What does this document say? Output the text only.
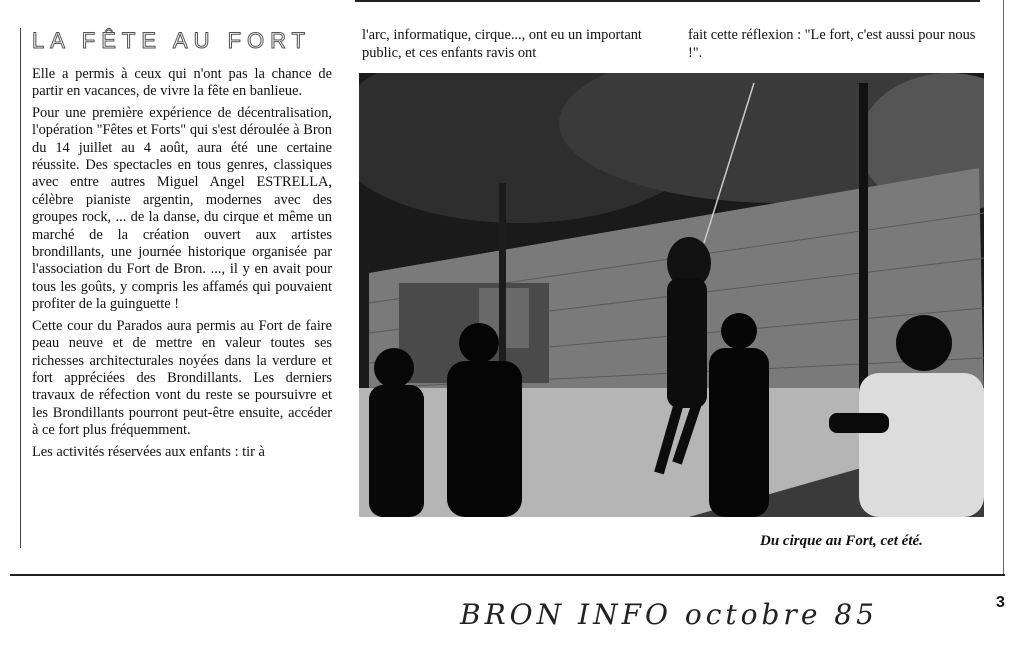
LA FÊTE AU FORT

Elle a permis à ceux qui n'ont pas la chance de partir en vacances, de vivre la fête en banlieue.

Pour une première expérience de décentralisation, l'opération "Fêtes et Forts" qui s'est déroulée à Bron du 14 juillet au 4 août, aura été une certaine réussite. Des spectacles en tous genres, classiques avec entre autres Miguel Angel ESTRELLA, célèbre pianiste argentin, modernes avec des groupes rock, ... de la danse, du cirque et même un marché de la création ouvert aux artistes brondillants, une journée historique organisée par l'association du Fort de Bron. ..., il y en avait pour tous les goûts, y compris les affamés qui pouvaient profiter de la guinguette !

Cette cour du Parados aura permis au Fort de faire peau neuve et de mettre en valeur toutes ses richesses architecturales noyées dans la verdure et fort appréciées des Brondillants. Les derniers travaux de réfection vont du reste se poursuivre et les Brondillants pourront peut-être ensuite, accéder à ce fort plus fréquemment.

Les activités réservées aux enfants : tir à

l'arc, informatique, cirque..., ont eu un important public, et ces enfants ravis ont
fait cette réflexion : "Le fort, c'est aussi pour nous !".
Du cirque au Fort, cet été.
BRON INFO octobre 85	3
